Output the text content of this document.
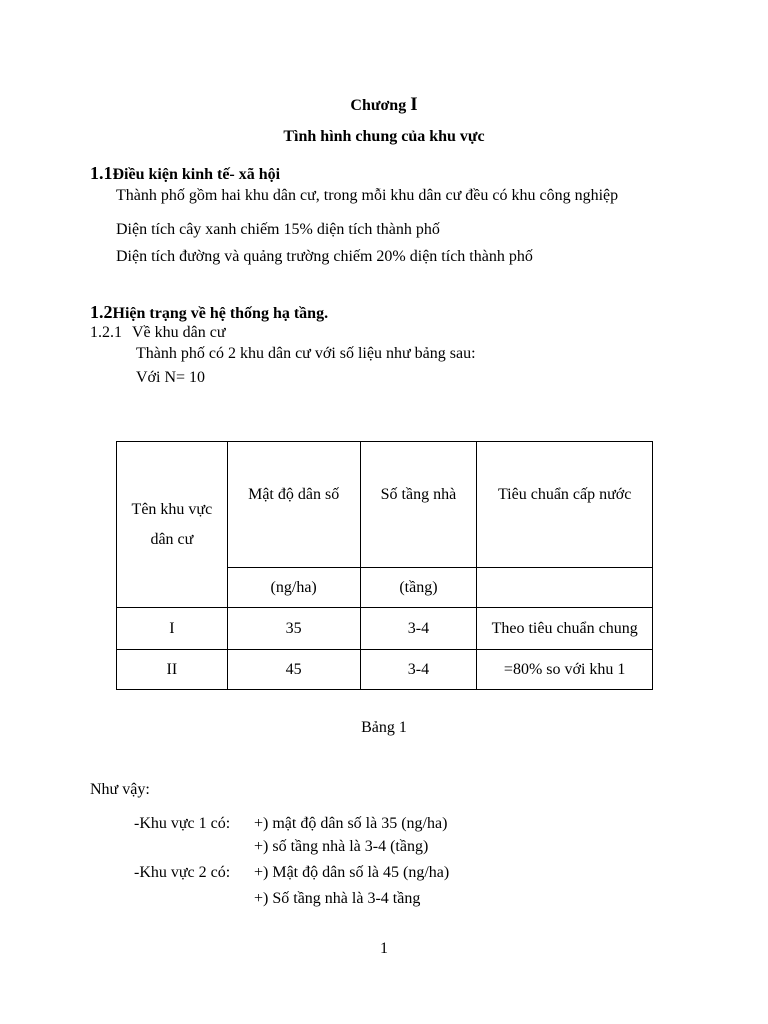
Chương I
Tình hình chung của khu vực
1.1Điều kiện kinh tế- xã hội
Thành phố gồm hai khu dân cư, trong mỗi khu dân cư đều có khu công nghiệp
Diện tích cây xanh chiếm 15% diện tích thành phố
Diện tích đường và quảng trường chiếm 20% diện tích thành phố
1.2Hiện trạng về hệ thống hạ tầng.
1.2.1 Về khu dân cư
Thành phố có 2 khu dân cư với số liệu như bảng sau:
Với N= 10
Tên khu vực
dân cư	Mật độ dân số	Số tầng nhà	Tiêu chuẩn cấp nước
	(ng/ha)	(tầng)	
I	35	3-4	Theo tiêu chuẩn chung
II	45	3-4	=80% so với khu 1
Bảng 1
Như vậy:
-Khu vực 1 có: +) mật độ dân số là 35 (ng/ha)
+) số tầng nhà là 3-4 (tầng)
-Khu vực 2 có: +) Mật độ dân số là 45 (ng/ha)
+) Số tầng nhà là 3-4 tầng
1
